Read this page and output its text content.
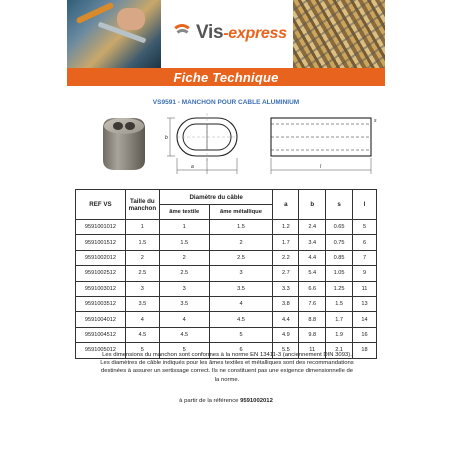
Vis-express
Fiche Technique
VS9591 - MANCHON POUR CABLE ALUMINIUM
a
b
l
s
REF VS	Taille du manchon	Diamètre du câble		a	b	s	l
		âme textile	âme métallique				
9591001012	1	1	1.5	1.2	2.4	0.65	5
9591001512	1.5	1.5	2	1.7	3.4	0.75	6
9591002012	2	2	2.5	2.2	4.4	0.85	7
9591002512	2.5	2.5	3	2.7	5.4	1.05	9
9591003012	3	3	3.5	3.3	6.6	1.25	11
9591003512	3.5	3.5	4	3.8	7.6	1.5	13
9591004012	4	4	4.5	4.4	8.8	1.7	14
9591004512	4.5	4.5	5	4.9	9.8	1.9	16
9591005012	5	5	6	5.5	11	2.1	18

Les dimensions du manchon sont conformes à la norme EN 13411-3 (anciennement DIN 3093).

Les diamètres de câble indiqués pour les âmes textiles et métalliques sont des recommandations

destinées à assurer un sertissage correct. Ils ne constituent pas une exigence dimensionnelle de

la norme.

à partir de la référence 9591002012
